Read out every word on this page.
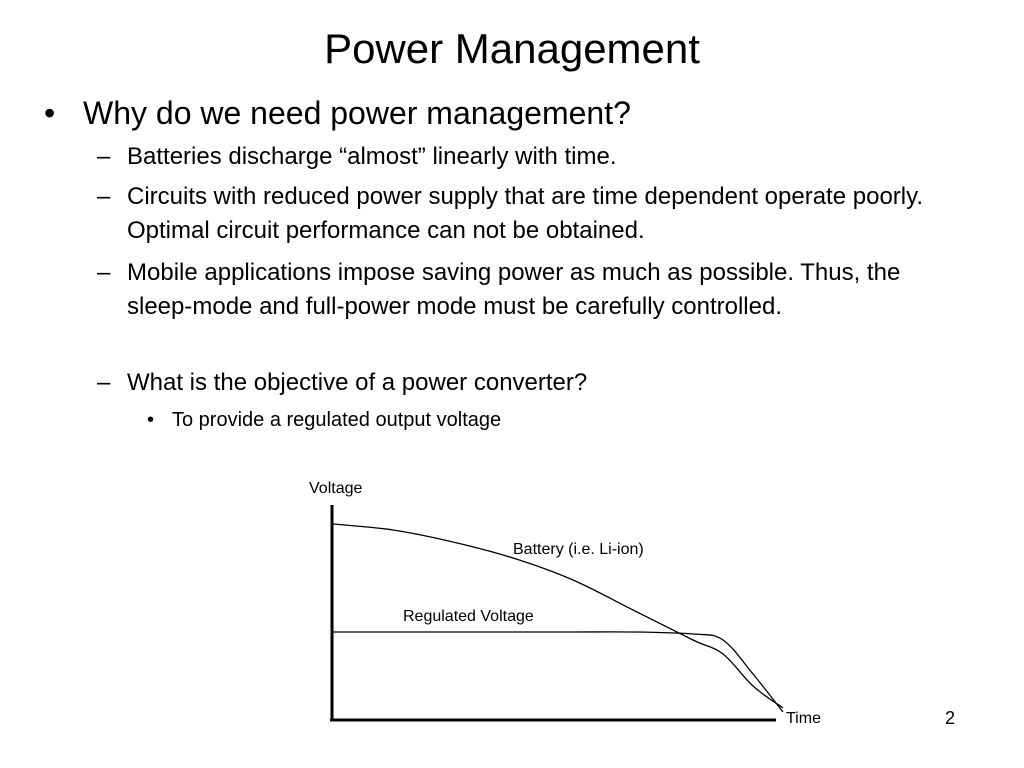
Power Management
• Why do we need power management?
– Batteries discharge “almost” linearly with time.
– Circuits with reduced power supply that are time dependent operate poorly. Optimal circuit performance can not be obtained.
– Mobile applications impose saving power as much as possible. Thus, the sleep-mode and full-power mode must be carefully controlled.
– What is the objective of a power converter?
• To provide a regulated output voltage
Voltage
Time
Battery (i.e. Li-ion)
Regulated Voltage
2
